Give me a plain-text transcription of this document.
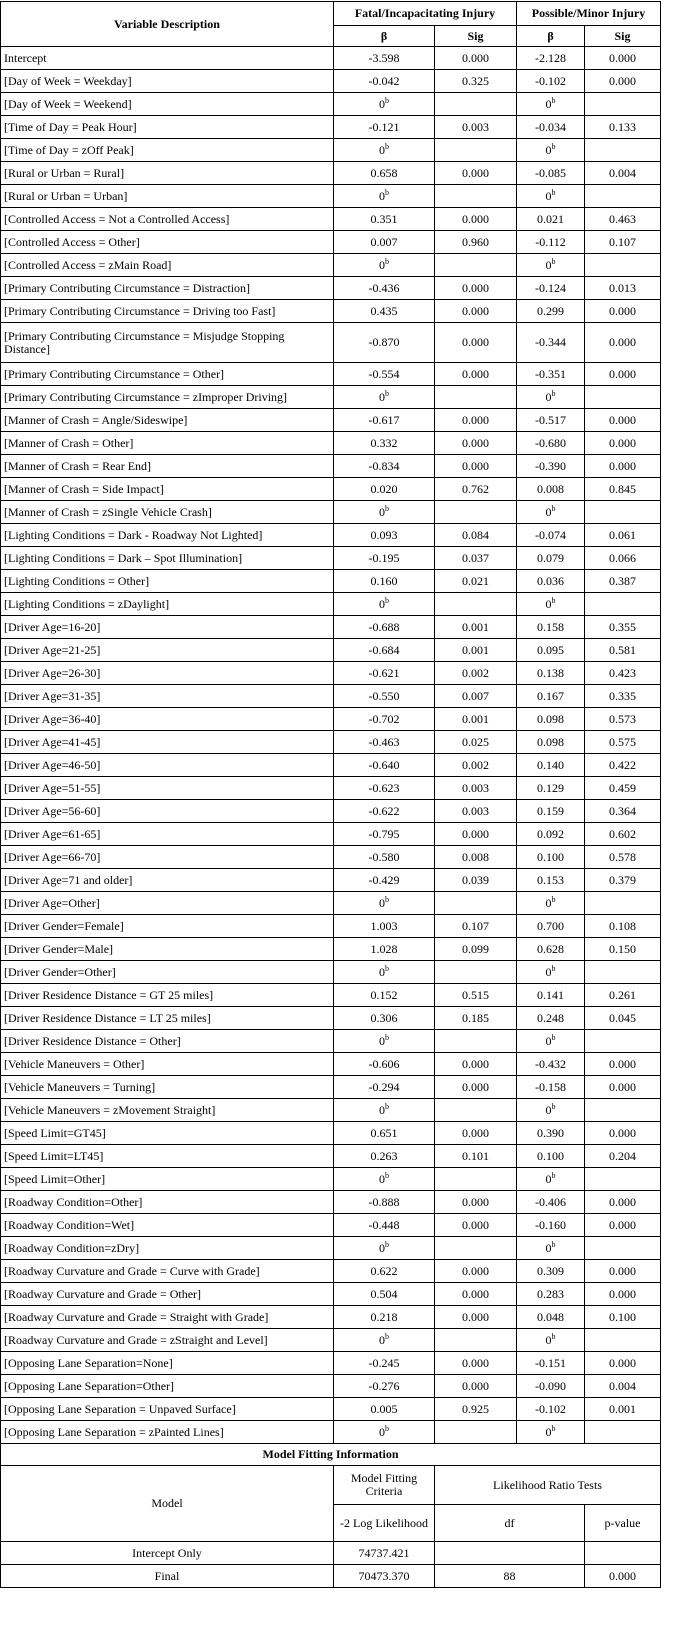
Variable Description	Fatal/Incapacitating Injury		Possible/Minor Injury	
	β	Sig	β	Sig
Intercept	-3.598	0.000	-2.128	0.000
[Day of Week = Weekday]	-0.042	0.325	-0.102	0.000
[Day of Week = Weekend]	0$^b$		0$^b$	
[Time of Day = Peak Hour]	-0.121	0.003	-0.034	0.133
[Time of Day = zOff Peak]	0$^b$		0$^b$	
[Rural or Urban = Rural]	0.658	0.000	-0.085	0.004
[Rural or Urban = Urban]	0$^b$		0$^b$	
[Controlled Access = Not a Controlled Access]	0.351	0.000	0.021	0.463
[Controlled Access = Other]	0.007	0.960	-0.112	0.107
[Controlled Access = zMain Road]	0$^b$		0$^b$	
[Primary Contributing Circumstance = Distraction]	-0.436	0.000	-0.124	0.013
[Primary Contributing Circumstance = Driving too Fast]	0.435	0.000	0.299	0.000
[Primary Contributing Circumstance = Misjudge Stopping Distance]	-0.870	0.000	-0.344	0.000
[Primary Contributing Circumstance = Other]	-0.554	0.000	-0.351	0.000
[Primary Contributing Circumstance = zImproper Driving]	0$^b$		0$^b$	
[Manner of Crash = Angle/Sideswipe]	-0.617	0.000	-0.517	0.000
[Manner of Crash = Other]	0.332	0.000	-0.680	0.000
[Manner of Crash = Rear End]	-0.834	0.000	-0.390	0.000
[Manner of Crash = Side Impact]	0.020	0.762	0.008	0.845
[Manner of Crash = zSingle Vehicle Crash]	0$^b$		0$^b$	
[Lighting Conditions = Dark - Roadway Not Lighted]	0.093	0.084	-0.074	0.061
[Lighting Conditions = Dark – Spot Illumination]	-0.195	0.037	0.079	0.066
[Lighting Conditions = Other]	0.160	0.021	0.036	0.387
[Lighting Conditions = zDaylight]	0$^b$		0$^b$	
[Driver Age=16-20]	-0.688	0.001	0.158	0.355
[Driver Age=21-25]	-0.684	0.001	0.095	0.581
[Driver Age=26-30]	-0.621	0.002	0.138	0.423
[Driver Age=31-35]	-0.550	0.007	0.167	0.335
[Driver Age=36-40]	-0.702	0.001	0.098	0.573
[Driver Age=41-45]	-0.463	0.025	0.098	0.575
[Driver Age=46-50]	-0.640	0.002	0.140	0.422
[Driver Age=51-55]	-0.623	0.003	0.129	0.459
[Driver Age=56-60]	-0.622	0.003	0.159	0.364
[Driver Age=61-65]	-0.795	0.000	0.092	0.602
[Driver Age=66-70]	-0.580	0.008	0.100	0.578
[Driver Age=71 and older]	-0.429	0.039	0.153	0.379
[Driver Age=Other]	0$^b$		0$^b$	
[Driver Gender=Female]	1.003	0.107	0.700	0.108
[Driver Gender=Male]	1.028	0.099	0.628	0.150
[Driver Gender=Other]	0$^b$		0$^b$	
[Driver Residence Distance = GT 25 miles]	0.152	0.515	0.141	0.261
[Driver Residence Distance = LT 25 miles]	0.306	0.185	0.248	0.045
[Driver Residence Distance = Other]	0$^b$		0$^b$	
[Vehicle Maneuvers = Other]	-0.606	0.000	-0.432	0.000
[Vehicle Maneuvers = Turning]	-0.294	0.000	-0.158	0.000
[Vehicle Maneuvers = zMovement Straight]	0$^b$		0$^b$	
[Speed Limit=GT45]	0.651	0.000	0.390	0.000
[Speed Limit=LT45]	0.263	0.101	0.100	0.204
[Speed Limit=Other]	0$^b$		0$^b$	
[Roadway Condition=Other]	-0.888	0.000	-0.406	0.000
[Roadway Condition=Wet]	-0.448	0.000	-0.160	0.000
[Roadway Condition=zDry]	0$^b$		0$^b$	
[Roadway Curvature and Grade = Curve with Grade]	0.622	0.000	0.309	0.000
[Roadway Curvature and Grade = Other]	0.504	0.000	0.283	0.000
[Roadway Curvature and Grade = Straight with Grade]	0.218	0.000	0.048	0.100
[Roadway Curvature and Grade = zStraight and Level]	0$^b$		0$^b$	
[Opposing Lane Separation=None]	-0.245	0.000	-0.151	0.000
[Opposing Lane Separation=Other]	-0.276	0.000	-0.090	0.004
[Opposing Lane Separation = Unpaved Surface]	0.005	0.925	-0.102	0.001
[Opposing Lane Separation = zPainted Lines]	0$^b$		0$^b$	
Model Fitting Information				
Model	Model Fitting Criteria	Likelihood Ratio Tests		
	-2 Log Likelihood	df		p-value
Intercept Only	74737.421			
Final	70473.370	88		0.000
